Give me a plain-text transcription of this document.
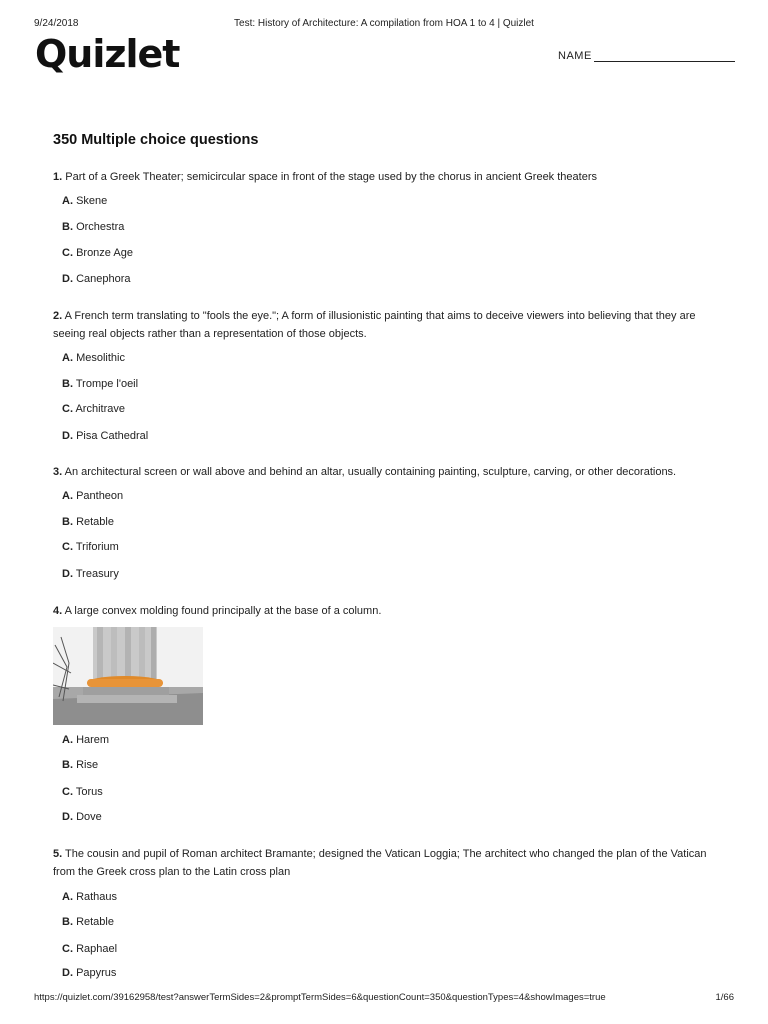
9/24/2018	Test: History of Architecture: A compilation from HOA 1 to 4 | Quizlet
Quizlet	NAME
350 Multiple choice questions
1. Part of a Greek Theater; semicircular space in front of the stage used by the chorus in ancient Greek theaters
A. Skene
B. Orchestra
C. Bronze Age
D. Canephora
2. A French term translating to "fools the eye."; A form of illusionistic painting that aims to deceive viewers into believing that they are seeing real objects rather than a representation of those objects.
A. Mesolithic
B. Trompe l'oeil
C. Architrave
D. Pisa Cathedral
3. An architectural screen or wall above and behind an altar, usually containing painting, sculpture, carving, or other decorations.
A. Pantheon
B. Retable
C. Triforium
D. Treasury
4. A large convex molding found principally at the base of a column.
A. Harem
B. Rise
C. Torus
D. Dove
5. The cousin and pupil of Roman architect Bramante; designed the Vatican Loggia; The architect who changed the plan of the Vatican from the Greek cross plan to the Latin cross plan
A. Rathaus
B. Retable
C. Raphael
D. Papyrus
https://quizlet.com/39162958/test?answerTermSides=2&promptTermSides=6&questionCount=350&questionTypes=4&showImages=true	1/66
